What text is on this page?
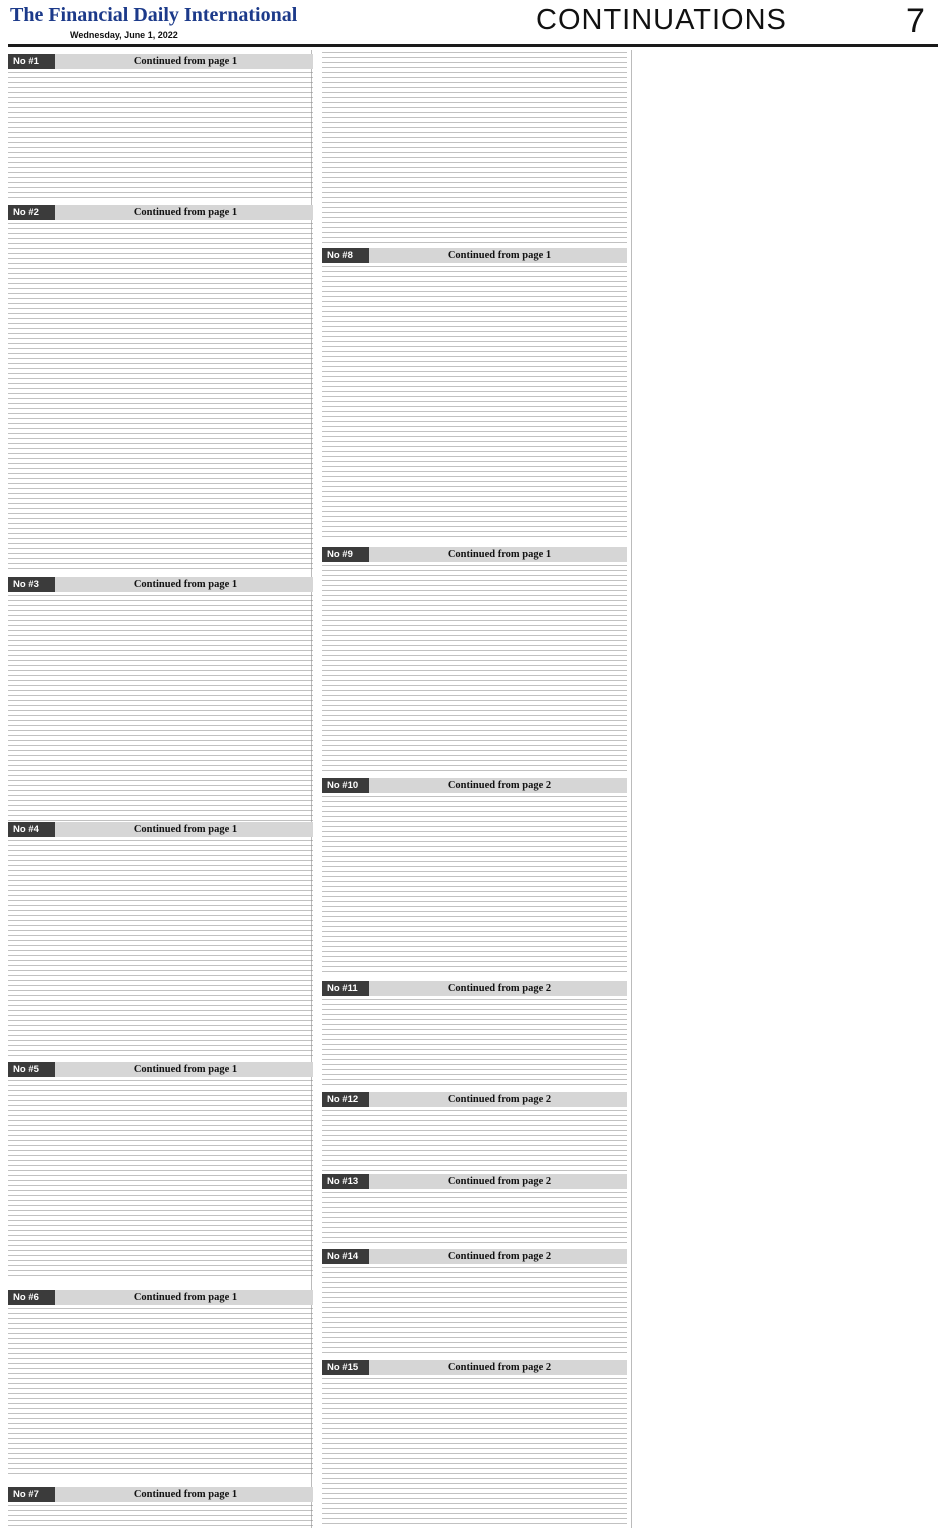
The Financial Daily International
Wednesday, June 1, 2022	CONTINUATIONS	7
No #1	Continued from page 1
No #2	Continued from page 1
No #3	Continued from page 1
No #4	Continued from page 1
No #5	Continued from page 1
No #6	Continued from page 1
No #7	Continued from page 1
No #8	Continued from page 1
No #9	Continued from page 1
No #10	Continued from page 2
No #11	Continued from page 2
No #12	Continued from page 2
No #13	Continued from page 2
No #14	Continued from page 2
No #15	Continued from page 2
